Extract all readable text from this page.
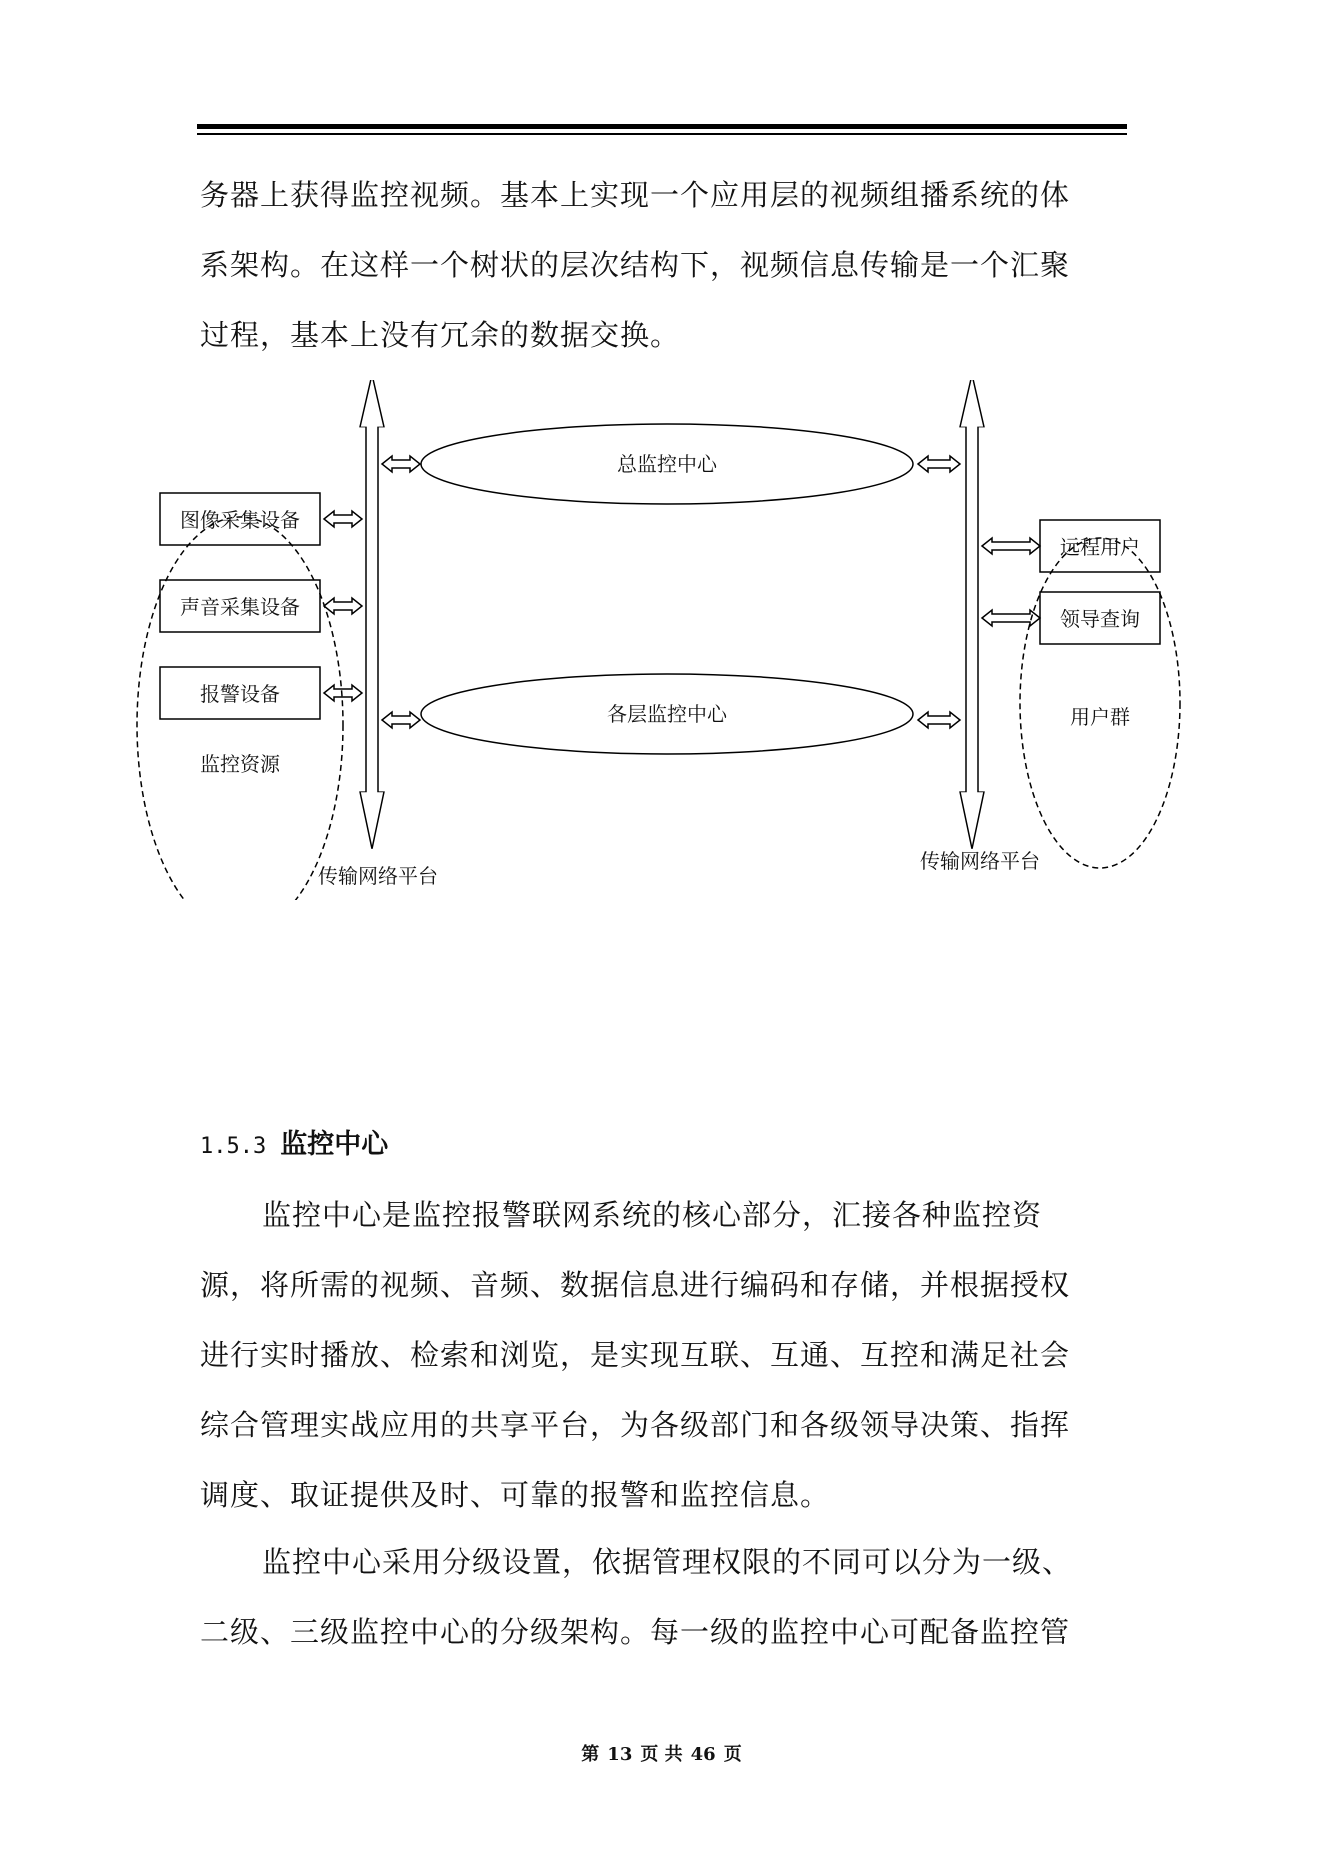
务器上获得监控视频。基本上实现一个应用层的视频组播系统的体
系架构。在这样一个树状的层次结构下，视频信息传输是一个汇聚
过程，基本上没有冗余的数据交换。
总监控中心
各层监控中心
图像采集设备
声音采集设备
报警设备
监控资源
远程用户
领导查询
用户群
传输网络平台
传输网络平台
1.5.3 监控中心
监控中心是监控报警联网系统的核心部分，汇接各种监控资
源，将所需的视频、音频、数据信息进行编码和存储，并根据授权
进行实时播放、检索和浏览，是实现互联、互通、互控和满足社会
综合管理实战应用的共享平台，为各级部门和各级领导决策、指挥
调度、取证提供及时、可靠的报警和监控信息。
监控中心采用分级设置，依据管理权限的不同可以分为一级、
二级、三级监控中心的分级架构。每一级的监控中心可配备监控管
第 13 页 共 46 页
